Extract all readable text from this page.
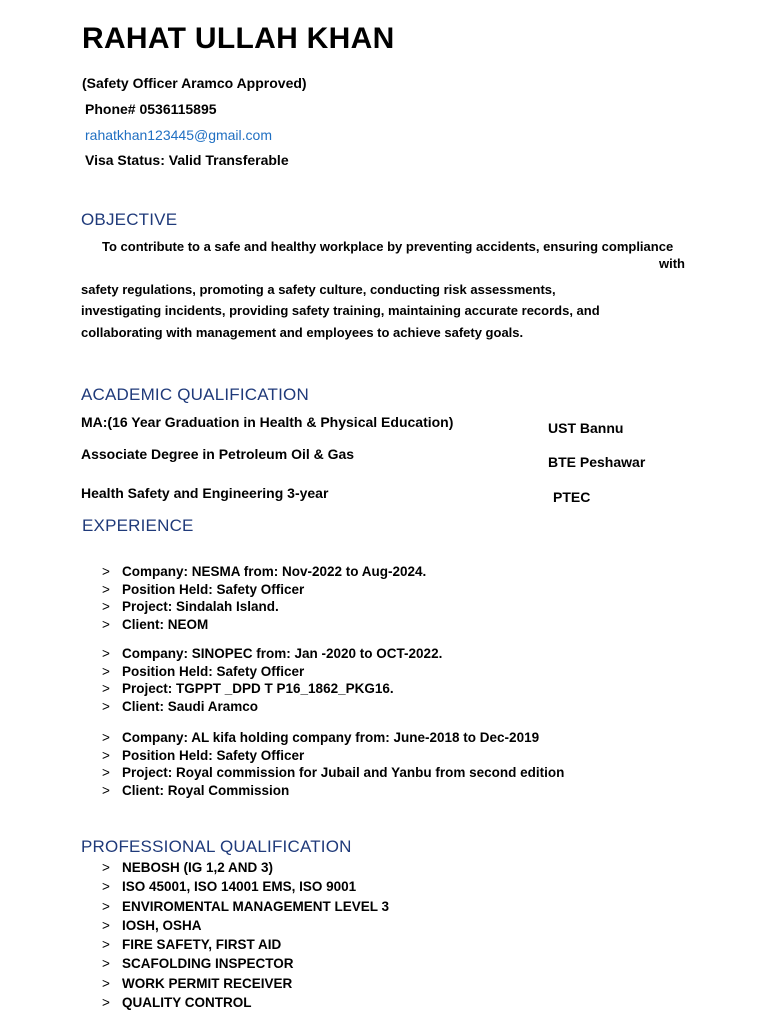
RAHAT ULLAH KHAN
(Safety Officer Aramco Approved)
Phone# 0536115895
rahatkhan123445@gmail.com
Visa Status: Valid Transferable
OBJECTIVE
To contribute to a safe and healthy workplace by preventing accidents, ensuring compliance
with
safety regulations, promoting a safety culture, conducting risk assessments,
investigating incidents, providing safety training, maintaining accurate records, and
collaborating with management and employees to achieve safety goals.
ACADEMIC QUALIFICATION
MA:(16 Year Graduation in Health & Physical Education)	UST Bannu
Associate Degree in Petroleum Oil & Gas	BTE Peshawar
Health Safety and Engineering 3-year	PTEC
EXPERIENCE
> Company: NESMA from: Nov-2022 to Aug-2024.
> Position Held: Safety Officer
> Project: Sindalah Island.
> Client: NEOM
> Company: SINOPEC from: Jan -2020 to OCT-2022.
> Position Held: Safety Officer
> Project: TGPPT _DPD T P16_1862_PKG16.
> Client: Saudi Aramco
> Company: AL kifa holding company from: June-2018 to Dec-2019
> Position Held: Safety Officer
> Project: Royal commission for Jubail and Yanbu from second edition
> Client: Royal Commission
PROFESSIONAL QUALIFICATION
> NEBOSH (IG 1,2 AND 3)
> ISO 45001, ISO 14001 EMS, ISO 9001
> ENVIROMENTAL MANAGEMENT LEVEL 3
> IOSH, OSHA
> FIRE SAFETY, FIRST AID
> SCAFOLDING INSPECTOR
> WORK PERMIT RECEIVER
> QUALITY CONTROL
